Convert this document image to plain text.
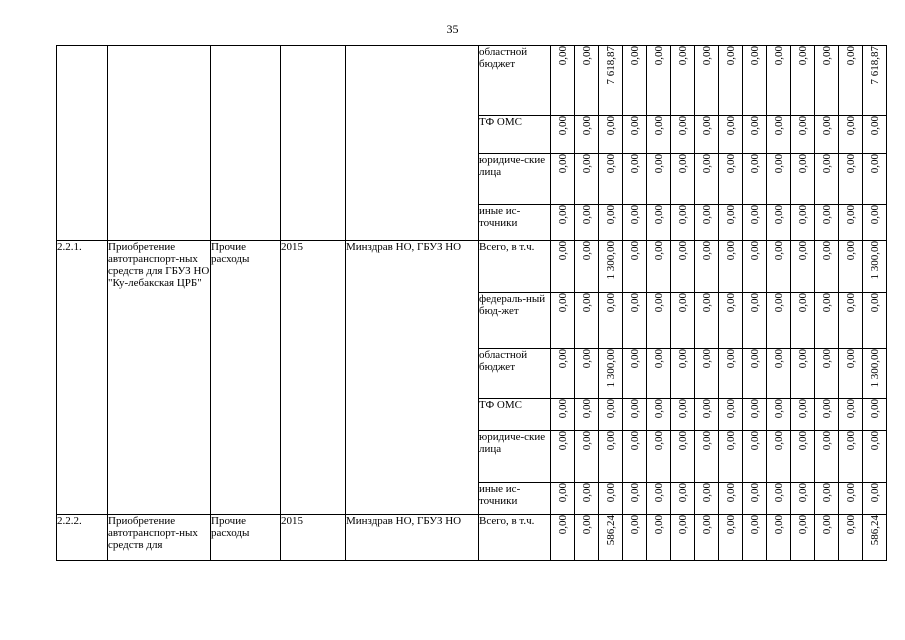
35
					областной бюджет	0,00	0,00	7 618,87	0,00	0,00	0,00	0,00	0,00	0,00	0,00	0,00	0,00	0,00	7 618,87
					ТФ ОМС	0,00	0,00	0,00	0,00	0,00	0,00	0,00	0,00	0,00	0,00	0,00	0,00	0,00	0,00
					юридиче-ские лица	0,00	0,00	0,00	0,00	0,00	0,00	0,00	0,00	0,00	0,00	0,00	0,00	0,00	0,00
					иные ис-точники	0,00	0,00	0,00	0,00	0,00	0,00	0,00	0,00	0,00	0,00	0,00	0,00	0,00	0,00
2.2.1.	Приобретение автотранспорт-ных средств для ГБУЗ НО "Ку-лебакская ЦРБ"	Прочие расходы	2015	Минздрав НО, ГБУЗ НО	Всего, в т.ч.	0,00	0,00	1 300,00	0,00	0,00	0,00	0,00	0,00	0,00	0,00	0,00	0,00	0,00	1 300,00
					федераль-ный бюд-жет	0,00	0,00	0,00	0,00	0,00	0,00	0,00	0,00	0,00	0,00	0,00	0,00	0,00	0,00
					областной бюджет	0,00	0,00	1 300,00	0,00	0,00	0,00	0,00	0,00	0,00	0,00	0,00	0,00	0,00	1 300,00
					ТФ ОМС	0,00	0,00	0,00	0,00	0,00	0,00	0,00	0,00	0,00	0,00	0,00	0,00	0,00	0,00
					юридиче-ские лица	0,00	0,00	0,00	0,00	0,00	0,00	0,00	0,00	0,00	0,00	0,00	0,00	0,00	0,00
					иные ис-точники	0,00	0,00	0,00	0,00	0,00	0,00	0,00	0,00	0,00	0,00	0,00	0,00	0,00	0,00
2.2.2.	Приобретение автотранспорт-ных средств для	Прочие расходы	2015	Минздрав НО, ГБУЗ НО	Всего, в т.ч.	0,00	0,00	586,24	0,00	0,00	0,00	0,00	0,00	0,00	0,00	0,00	0,00	0,00	586,24
